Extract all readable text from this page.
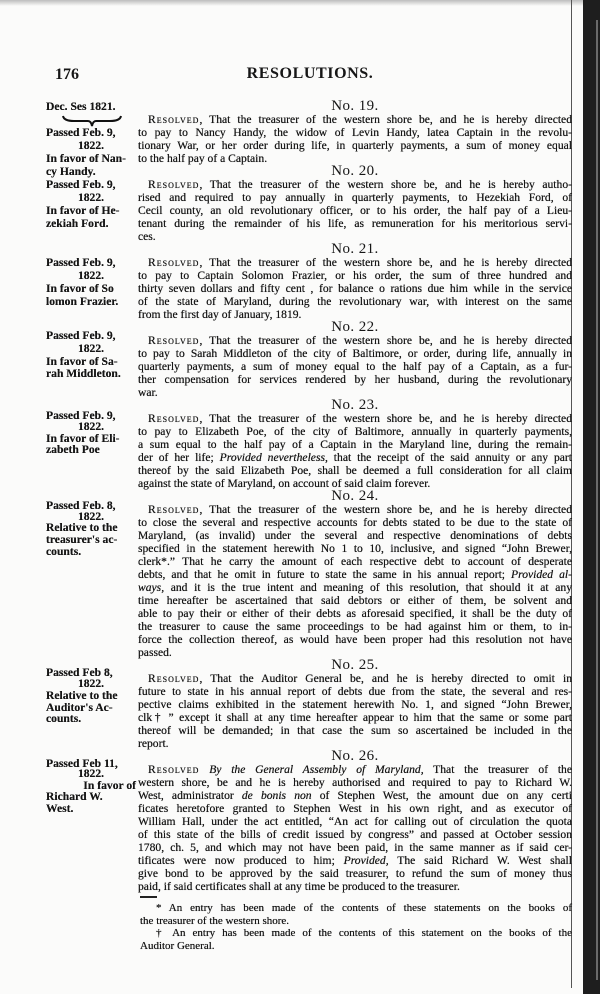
176	RESOLUTIONS.
Dec. Ses 1821.	No. 19.
Resolved, That the treasurer of the western shore be, and he is hereby directed
to pay to Nancy Handy, the widow of Levin Handy, latea Captain in the revolu-
tionary War, or her order during life, in quarterly payments, a sum of money equal
to the half pay of a Captain.
Passed Feb. 9,
1822.
In favor of Nan-
cy Handy.	No. 20.
Resolved, That the treasurer of the western shore be, and he is hereby autho-
rised and required to pay annually in quarterly payments, to Hezekiah Ford, of
Cecil county, an old revolutionary officer, or to his order, the half pay of a Lieu-
tenant during the remainder of his life, as remuneration for his meritorious servi-
ces.
Passed Feb. 9,
1822.
In favor of He-
zekiah Ford.
No. 21.
Resolved, That the treasurer of the western shore be, and he is hereby directed
to pay to Captain Solomon Frazier, or his order, the sum of three hundred and
thirty seven dollars and fifty cent , for balance o rations due him while in the service
of the state of Maryland, during the revolutionary war, with interest on the same
from the first day of January, 1819.
Passed Feb. 9,
1822.
In favor of So
lomon Frazier.
No. 22.
Resolved, That the treasurer of the western shore be, and he is hereby directed
to pay to Sarah Middleton of the city of Baltimore, or order, during life, annually in
quarterly payments, a sum of money equal to the half pay of a Captain, as a fur-
ther compensation for services rendered by her husband, during the revolutionary
war.
Passed Feb. 9,
1822.
In favor of Sa-
rah Middleton.
No. 23.
Resolved, That the treasurer of the western shore be, and he is hereby directed
to pay to Elizabeth Poe, of the city of Baltimore, annually in quarterly payments,
a sum equal to the half pay of a Captain in the Maryland line, during the remain-
der of her life; Provided nevertheless, that the receipt of the said annuity or any part
thereof by the said Elizabeth Poe, shall be deemed a full consideration for all claim
against the state of Maryland, on account of said claim forever.
Passed Feb. 9,
1822.
In favor of Eli-
zabeth Poe
No. 24.
Resolved, That the treasurer of the western shore be, and he is hereby directed
to close the several and respective accounts for debts stated to be due to the state of
Maryland, (as invalid) under the several and respective denominations of debts
specified in the statement herewith No 1 to 10, inclusive, and signed “John Brewer,
clerk*.” That he carry the amount of each respective debt to account of desperate
debts, and that he omit in future to state the same in his annual report; Provided al-
ways, and it is the true intent and meaning of this resolution, that should it at any
time hereafter be ascertained that said debtors or either of them, be solvent and
able to pay their or either of their debts as aforesaid specified, it shall be the duty of
the treasurer to cause the same proceedings to be had against him or them, to in-
force the collection thereof, as would have been proper had this resolution not have
passed.
Passed Feb. 8,
1822.
Relative to the
treasurer's ac-
counts.
No. 25.
Resolved, That the Auditor General be, and he is hereby directed to omit in
future to state in his annual report of debts due from the state, the several and res-
pective claims exhibited in the statement herewith No. 1, and signed “John Brewer,
clk† ” except it shall at any time hereafter appear to him that the same or some part
thereof will be demanded; in that case the sum so ascertained be included in the
report.
Passed Feb 8,
1822.
Relative to the
Auditor's Ac-
counts.
No. 26.
Resolved By the General Assembly of Maryland, That the treasurer of the
western shore, be and he is hereby authorised and required to pay to Richard W.
West, administrator de bonis non of Stephen West, the amount due on any certi
ficates heretofore granted to Stephen West in his own right, and as executor of
William Hall, under the act entitled, “An act for calling out of circulation the quota
of this state of the bills of credit issued by congress” and passed at October session
1780, ch. 5, and which may not have been paid, in the same manner as if said cer-
tificates were now produced to him; Provided, The said Richard W. West shall
give bond to be approved by the said treasurer, to refund the sum of money thus
paid, if said certificates shall at any time be produced to the treasurer.
Passed Feb 11,
1822.
In favor of
Richard W.
West.
* An entry has been made of the contents of these statements on the books of
the treasurer of the western shore.
† An entry has been made of the contents of this statement on the books of the
Auditor General.
